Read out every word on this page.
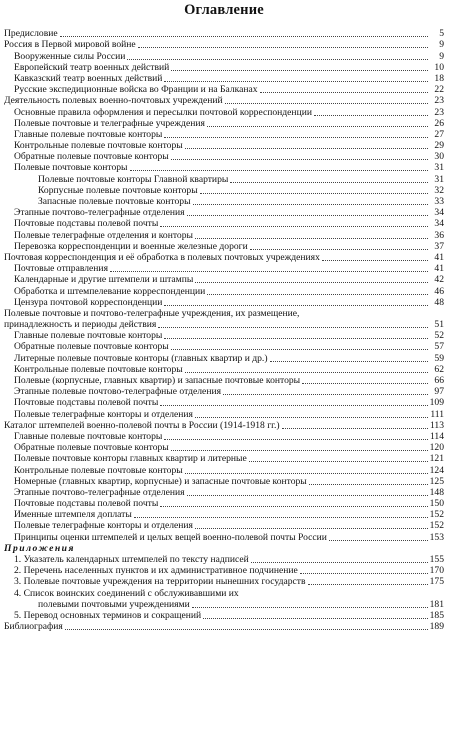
Оглавление
Предисловие	5
Россия в Первой мировой войне	9
Вооруженные силы России	9
Европейский театр военных действий	10
Кавказский театр военных действий	18
Русские экспедиционные войска во Франции и на Балканах	22
Деятельность полевых военно-почтовых учреждений	23
Основные правила оформления и пересылки почтовой корреспонденции	23
Полевые почтовые и телеграфные учреждения	26
Главные полевые почтовые конторы	27
Контрольные полевые почтовые конторы	29
Обратные полевые почтовые конторы	30
Полевые почтовые конторы	31
Полевые почтовые конторы Главной квартиры	31
Корпусные полевые почтовые конторы	32
Запасные полевые почтовые конторы	33
Этапные почтово-телеграфные отделения	34
Почтовые подставы полевой почты	34
Полевые телеграфные отделения и конторы	36
Перевозка корреспонденции и военные железные дороги	37
Почтовая корреспонденция и её обработка в полевых почтовых учреждениях	41
Почтовые отправления	41
Календарные и другие штемпели и штампы	42
Обработка и штемпелевание корреспонденции	46
Цензура почтовой корреспонденции	48
Полевые почтовые и почтово-телеграфные учреждения, их размещение,
принадлежность и периоды действия	51
Главные полевые почтовые конторы	52
Обратные полевые почтовые конторы	57
Литерные полевые почтовые конторы (главных квартир и др.)	59
Контрольные полевые почтовые конторы	62
Полевые (корпусные, главных квартир) и запасные почтовые конторы	66
Этапные полевые почтово-телеграфные отделения	97
Почтовые подставы полевой почты	109
Полевые телеграфные конторы и отделения	111
Каталог штемпелей военно-полевой почты в России (1914-1918 гг.)	113
Главные полевые почтовые конторы	114
Обратные полевые почтовые конторы	120
Полевые почтовые конторы главных квартир и литерные	121
Контрольные полевые почтовые конторы	124
Номерные (главных квартир, корпусные) и запасные почтовые конторы	125
Этапные почтово-телеграфные отделения	148
Почтовые подставы полевой почты	150
Именные штемпеля доплаты	152
Полевые телеграфные конторы и отделения	152
Принципы оценки штемпелей и целых вещей военно-полевой почты России	153
Приложения
1. Указатель календарных штемпелей по тексту надписей	155
2. Перечень населенных пунктов и их административное подчинение	170
3. Полевые почтовые учреждения на территории нынешних государств	175
4. Список воинских соединений с обслуживавшими их
полевыми почтовыми учреждениями	181
5. Перевод основных терминов и сокращений	185
Библиография	189
